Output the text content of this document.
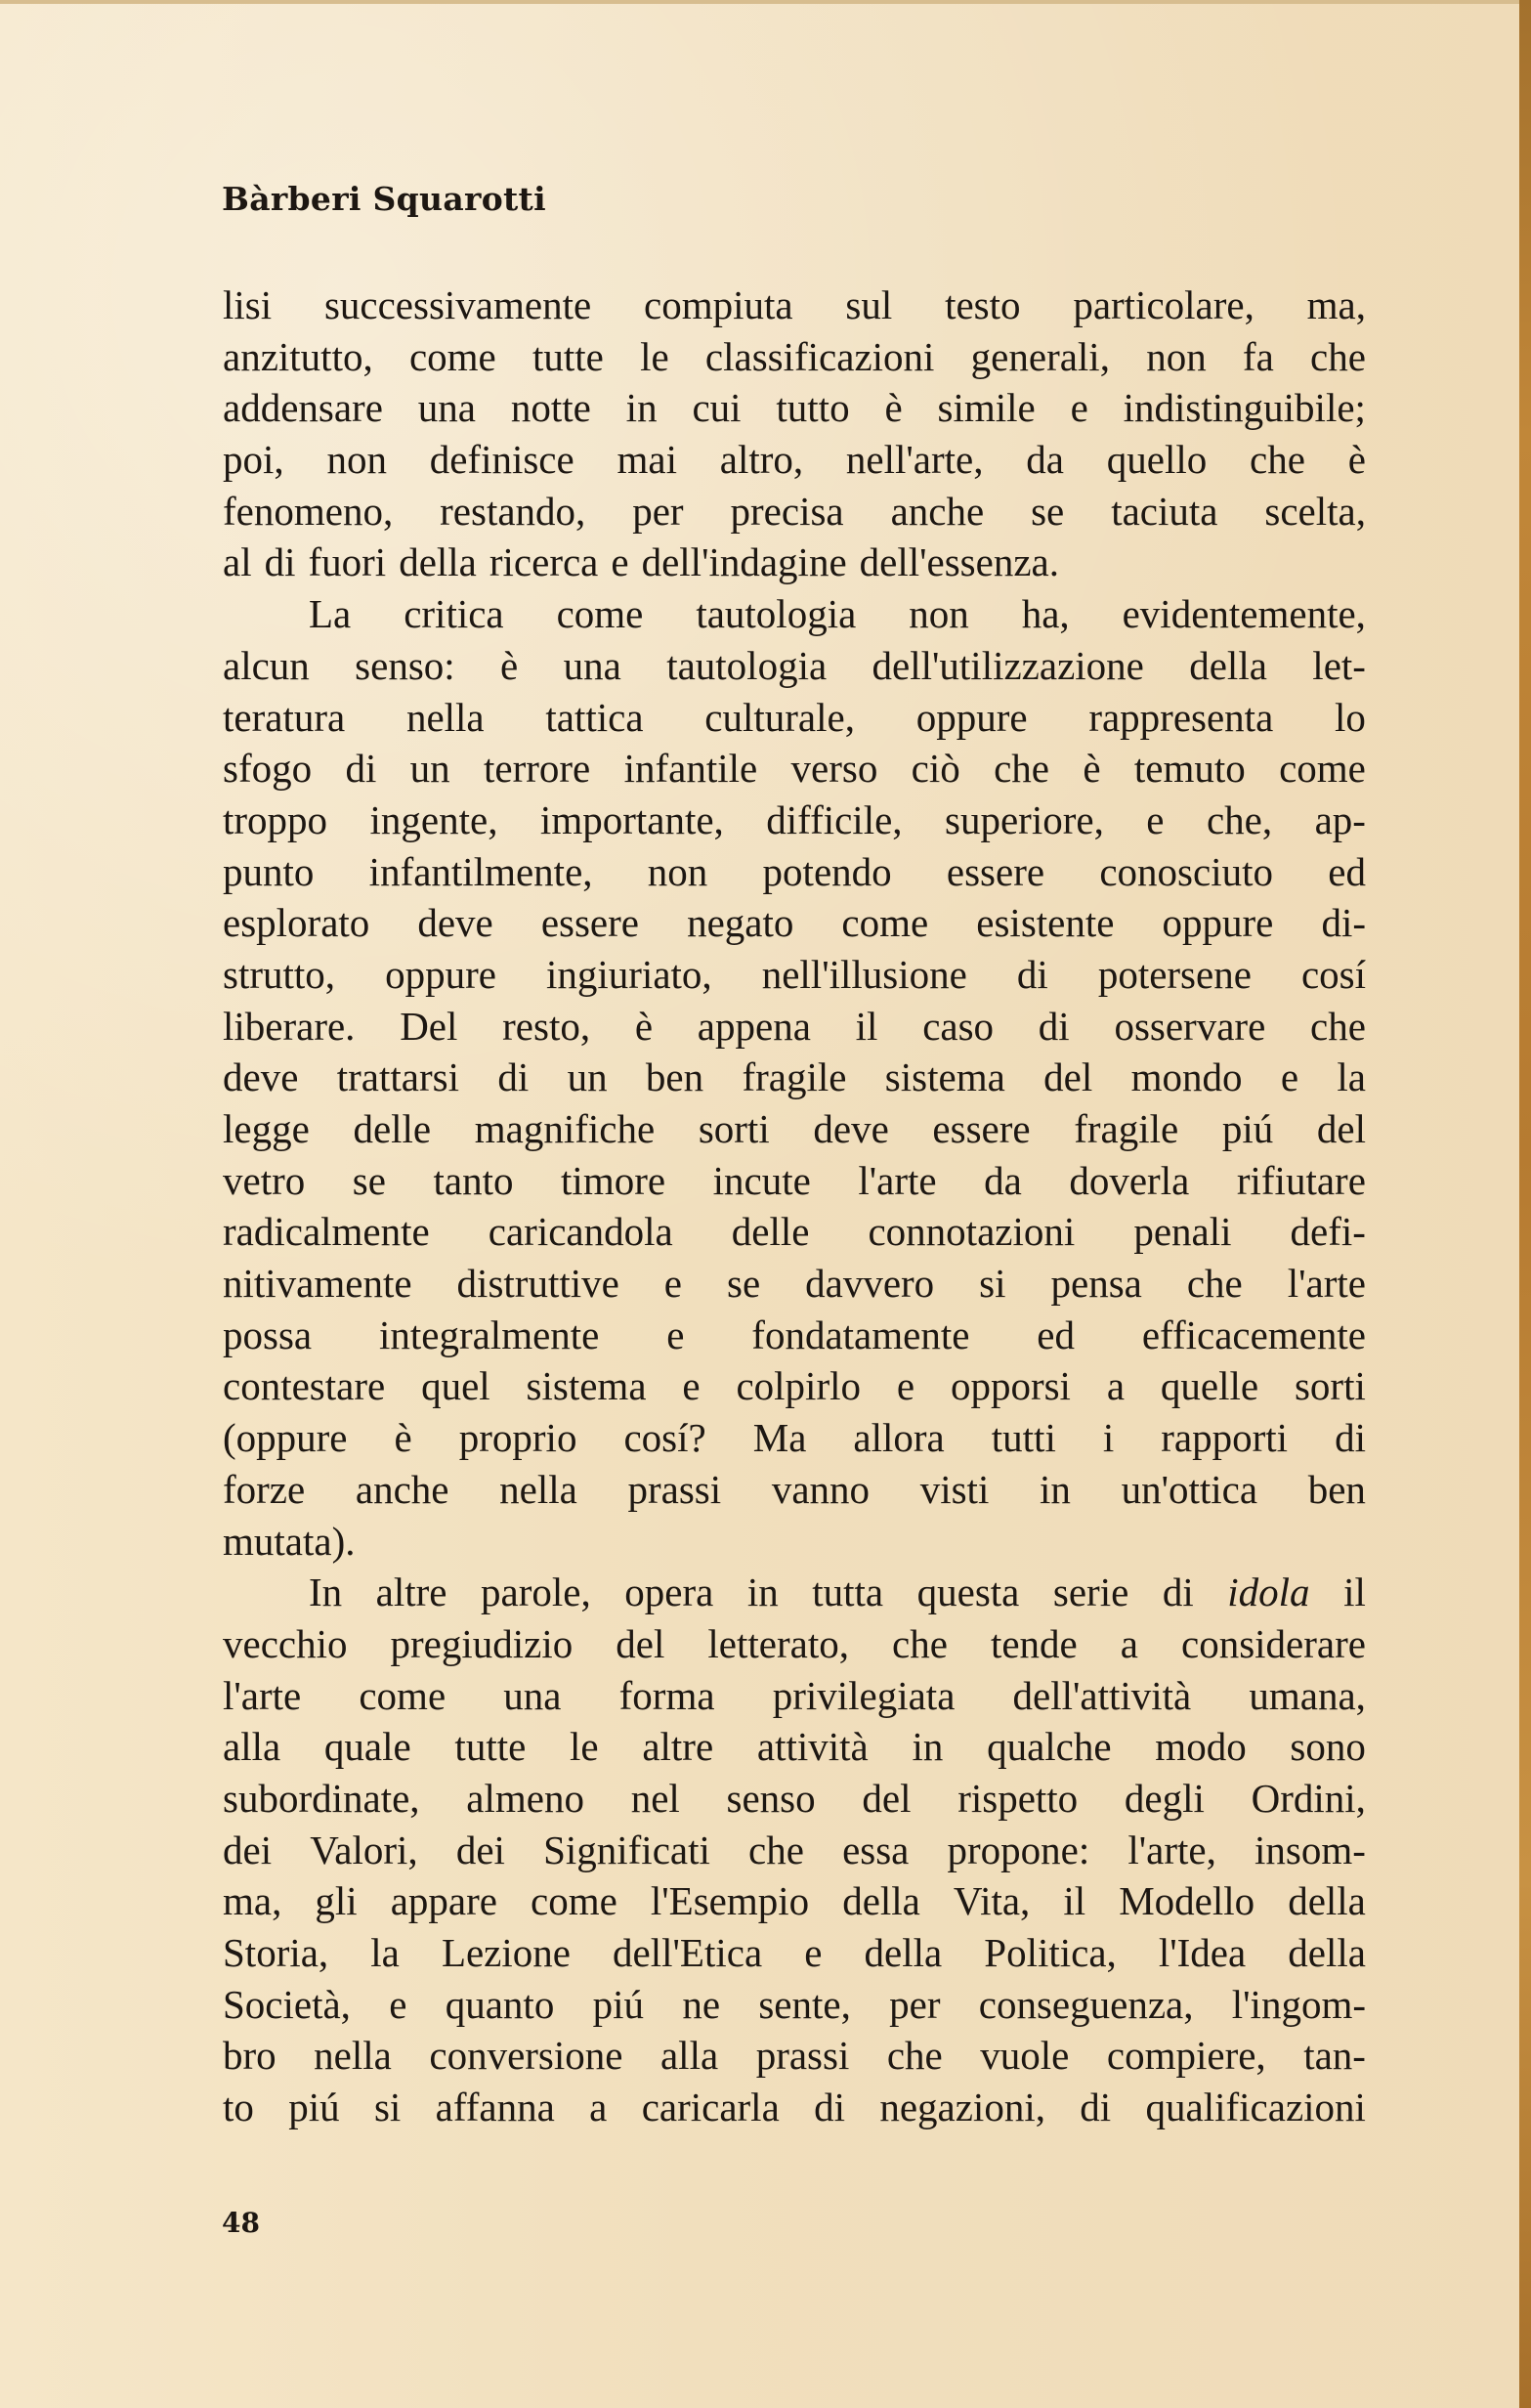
Bàrberi Squarotti
lisi successivamente compiuta sul testo particolare, ma,
anzitutto, come tutte le classificazioni generali, non fa che
addensare una notte in cui tutto è simile e indistinguibile;
poi, non definisce mai altro, nell'arte, da quello che è
fenomeno, restando, per precisa anche se taciuta scelta,
al di fuori della ricerca e dell'indagine dell'essenza.
La critica come tautologia non ha, evidentemente,
alcun senso: è una tautologia dell'utilizzazione della let-
teratura nella tattica culturale, oppure rappresenta lo
sfogo di un terrore infantile verso ciò che è temuto come
troppo ingente, importante, difficile, superiore, e che, ap-
punto infantilmente, non potendo essere conosciuto ed
esplorato deve essere negato come esistente oppure di-
strutto, oppure ingiuriato, nell'illusione di potersene cosí
liberare. Del resto, è appena il caso di osservare che
deve trattarsi di un ben fragile sistema del mondo e la
legge delle magnifiche sorti deve essere fragile piú del
vetro se tanto timore incute l'arte da doverla rifiutare
radicalmente caricandola delle connotazioni penali defi-
nitivamente distruttive e se davvero si pensa che l'arte
possa integralmente e fondatamente ed efficacemente
contestare quel sistema e colpirlo e opporsi a quelle sorti
(oppure è proprio cosí? Ma allora tutti i rapporti di
forze anche nella prassi vanno visti in un'ottica ben
mutata).
In altre parole, opera in tutta questa serie di idola il
vecchio pregiudizio del letterato, che tende a considerare
l'arte come una forma privilegiata dell'attività umana,
alla quale tutte le altre attività in qualche modo sono
subordinate, almeno nel senso del rispetto degli Ordini,
dei Valori, dei Significati che essa propone: l'arte, insom-
ma, gli appare come l'Esempio della Vita, il Modello della
Storia, la Lezione dell'Etica e della Politica, l'Idea della
Società, e quanto piú ne sente, per conseguenza, l'ingom-
bro nella conversione alla prassi che vuole compiere, tan-
to piú si affanna a caricarla di negazioni, di qualificazioni
48
